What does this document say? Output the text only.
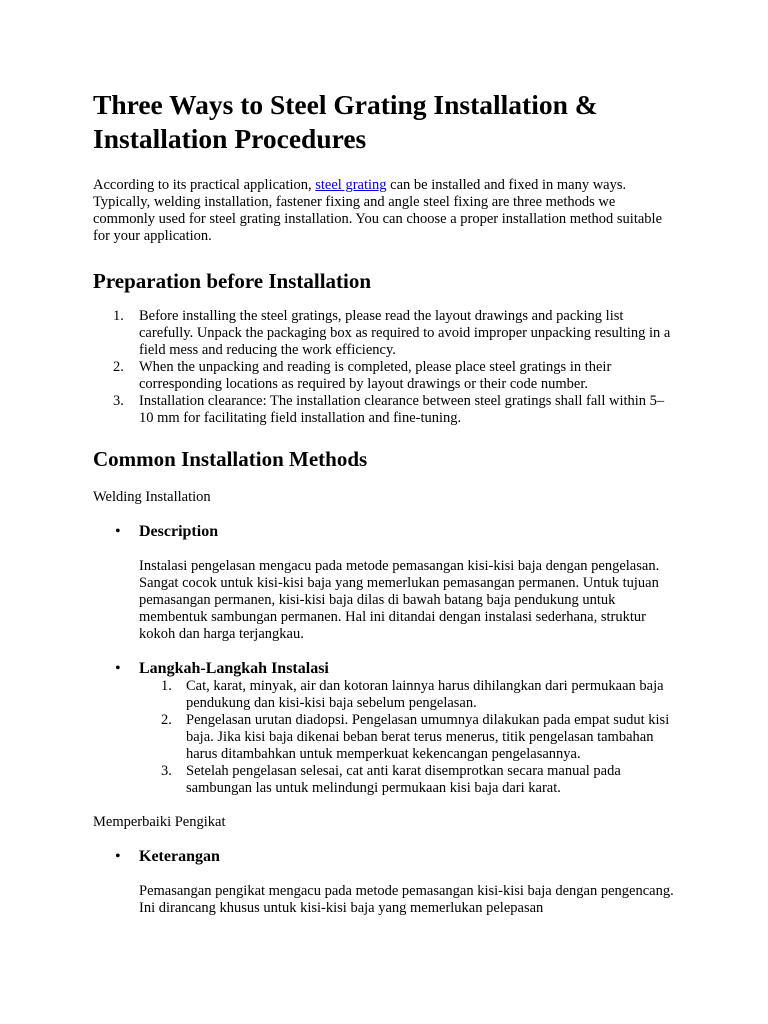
Three Ways to Steel Grating Installation & Installation Procedures

According to its practical application, steel grating can be installed and fixed in many ways. Typically, welding installation, fastener fixing and angle steel fixing are three methods we commonly used for steel grating installation. You can choose a proper installation method suitable for your application.

Preparation before Installation
1. Before installing the steel gratings, please read the layout drawings and packing list carefully. Unpack the packaging box as required to avoid improper unpacking resulting in a field mess and reducing the work efficiency.
2. When the unpacking and reading is completed, please place steel gratings in their corresponding locations as required by layout drawings or their code number.
3. Installation clearance: The installation clearance between steel gratings shall fall within 5–10 mm for facilitating field installation and fine-tuning.
Common Installation Methods

Welding Installation

• Description

Instalasi pengelasan mengacu pada metode pemasangan kisi-kisi baja dengan pengelasan. Sangat cocok untuk kisi-kisi baja yang memerlukan pemasangan permanen. Untuk tujuan pemasangan permanen, kisi-kisi baja dilas di bawah batang baja pendukung untuk membentuk sambungan permanen. Hal ini ditandai dengan instalasi sederhana, struktur kokoh dan harga terjangkau.

• Langkah-Langkah Instalasi
1. Cat, karat, minyak, air dan kotoran lainnya harus dihilangkan dari permukaan baja pendukung dan kisi-kisi baja sebelum pengelasan.
2. Pengelasan urutan diadopsi. Pengelasan umumnya dilakukan pada empat sudut kisi baja. Jika kisi baja dikenai beban berat terus menerus, titik pengelasan tambahan harus ditambahkan untuk memperkuat kekencangan pengelasannya.
3. Setelah pengelasan selesai, cat anti karat disemprotkan secara manual pada sambungan las untuk melindungi permukaan kisi baja dari karat.

Memperbaiki Pengikat

• Keterangan

Pemasangan pengikat mengacu pada metode pemasangan kisi-kisi baja dengan pengencang. Ini dirancang khusus untuk kisi-kisi baja yang memerlukan pelepasan
